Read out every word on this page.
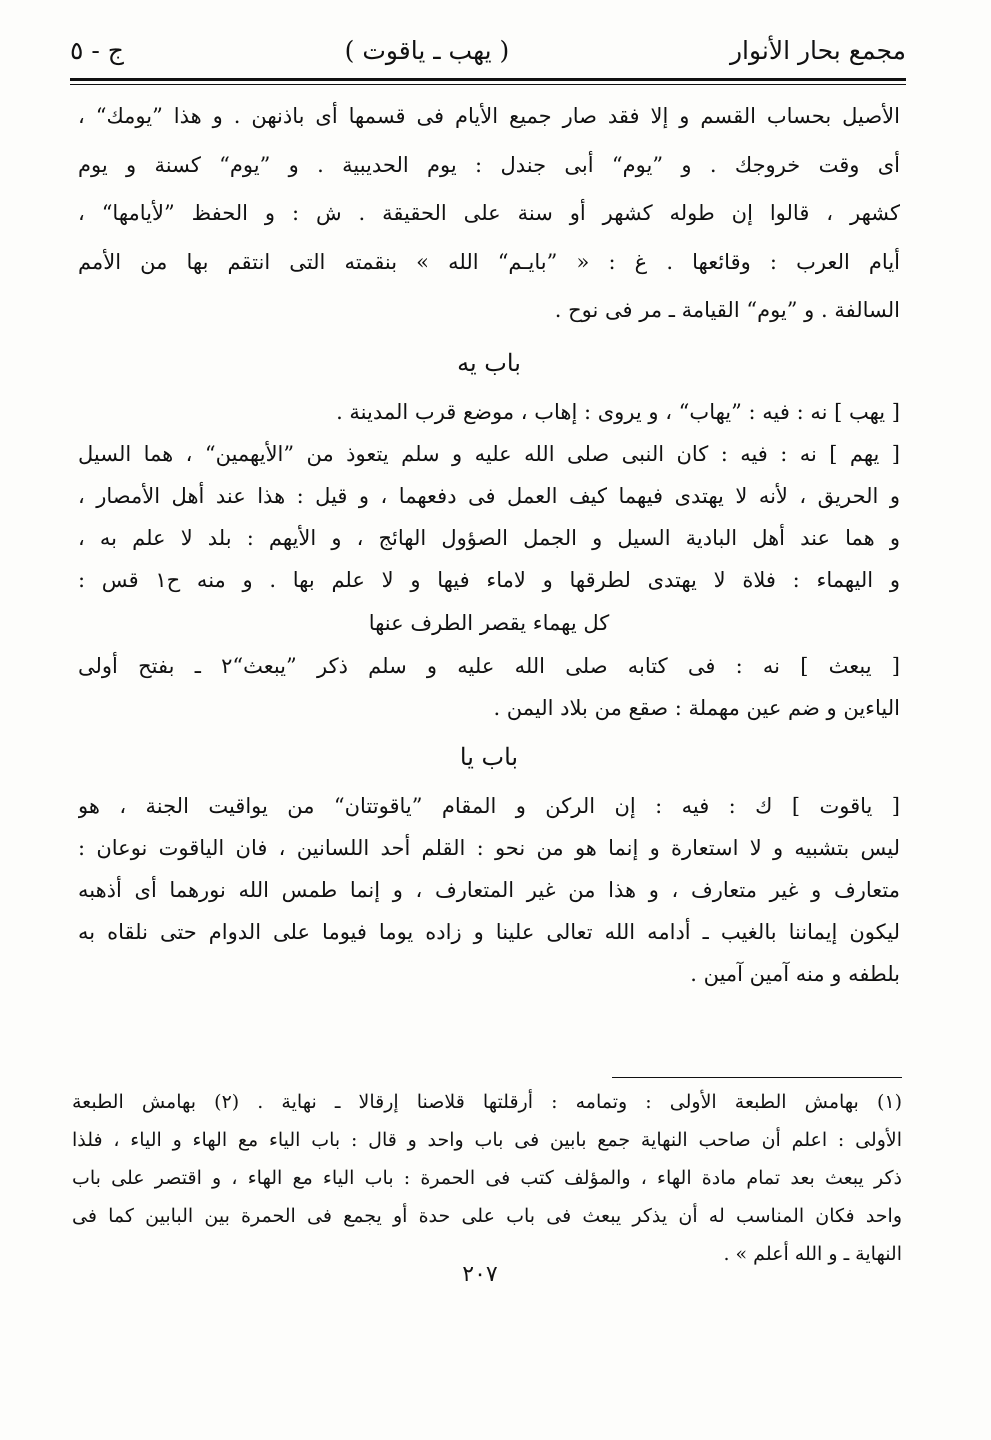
مجمع بحار الأنوار
( يهب ـ ياقوت )
ج - ٥
الأصيل بحساب القسم و إلا فقد صار جميع الأيام فى قسمها أى باذنهن . و هذا ”يومك“ ،
أى وقت خروجك . و ”يوم“ أبى جندل : يوم الحديبية . و ”يوم“ كسنة و يوم
كشهر ، قالوا إن طوله كشهر أو سنة على الحقيقة . ش : و الحفظ ”لأيامها“ ،
أيام العرب : وقائعها . غ : « ”بايـم“ الله » بنقمته التى انتقم بها من الأمم
السالفة . و ”يوم“ القيامة ـ مر فى نوح .
باب يه
[ يهب ] نه : فيه : ”يهاب“ ، و يروى : إهاب ، موضع قرب المدينة .
[ يهم ] نه : فيه : كان النبى صلى الله عليه و سلم يتعوذ من ”الأيهمين“ ، هما السيل
و الحريق ، لأنه لا يهتدى فيهما كيف العمل فى دفعهما ، و قيل : هذا عند أهل الأمصار ،
و هما عند أهل البادية السيل و الجمل الصؤول الهائج ، و الأيهم : بلد لا علم به ،
و اليهماء : فلاة لا يهتدى لطرقها و لاماء فيها و لا علم بها . و منه ح١ قس :
كل يهماء يقصر الطرف عنها
[ يبعث ] نه : فى كتابه صلى الله عليه و سلم ذكر ”يبعث“٢ ـ بفتح أولى
الياءين و ضم عين مهملة : صقع من بلاد اليمن .
باب يا
[ ياقوت ] ك : فيه : إن الركن و المقام ”ياقوتتان“ من يواقيت الجنة ، هو
ليس بتشبيه و لا استعارة و إنما هو من نحو : القلم أحد اللسانين ، فان الياقوت نوعان :
متعارف و غير متعارف ، و هذا من غير المتعارف ، و إنما طمس الله نورهما أى أذهبه
ليكون إيماننا بالغيب ـ أدامه الله تعالى علينا و زاده يوما فيوما على الدوام حتى نلقاه به
بلطفه و منه آمين آمين .
(١) بهامش الطبعة الأولى : وتمامه : أرقلتها قلاصنا إرقالا ـ نهاية . (٢) بهامش الطبعة
الأولى : اعلم أن صاحب النهاية جمع بابين فى باب واحد و قال : باب الياء مع الهاء و الياء ، فلذا
ذكر يبعث بعد تمام مادة الهاء ، والمؤلف كتب فى الحمرة : باب الياء مع الهاء ، و اقتصر على باب
واحد فكان المناسب له أن يذكر يبعث فى باب على حدة أو يجمع فى الحمرة بين البابين كما فى
النهاية ـ و الله أعلم » .
٢٠٧
